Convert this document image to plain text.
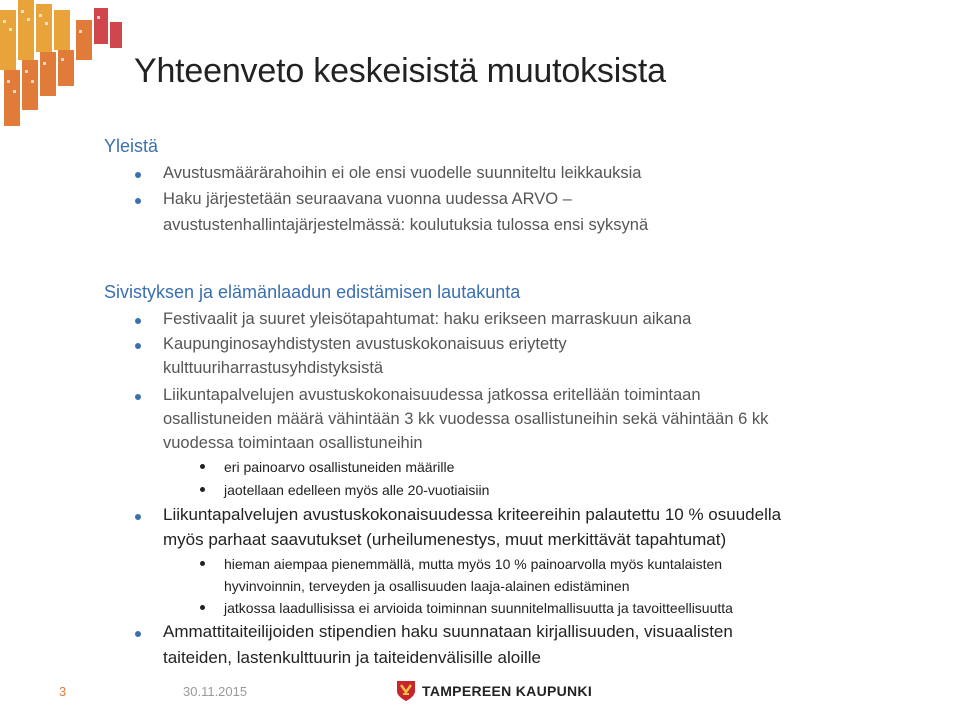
Yhteenveto keskeisistä muutoksista
Yleistä
Avustusmäärärahoihin ei ole ensi vuodelle suunniteltu leikkauksia
Haku järjestetään seuraavana vuonna uudessa ARVO –
avustustenhallintajärjestelmässä: koulutuksia tulossa ensi syksynä
Sivistyksen ja elämänlaadun edistämisen lautakunta
Festivaalit ja suuret yleisötapahtumat: haku erikseen marraskuun aikana
Kaupunginosayhdistysten avustuskokonaisuus eriytetty
kulttuuriharrastusyhdistyksistä
Liikuntapalvelujen avustuskokonaisuudessa jatkossa eritellään toimintaan
osallistuneiden määrä vähintään 3 kk vuodessa osallistuneihin sekä vähintään 6 kk
vuodessa toimintaan osallistuneihin
eri painoarvo osallistuneiden määrille
jaotellaan edelleen myös alle 20-vuotiaisiin
Liikuntapalvelujen avustuskokonaisuudessa kriteereihin palautettu 10 % osuudella
myös parhaat saavutukset (urheilumenestys, muut merkittävät tapahtumat)
hieman aiempaa pienemmällä, mutta myös 10 % painoarvolla myös kuntalaisten
hyvinvoinnin, terveyden ja osallisuuden laaja-alainen edistäminen
jatkossa laadullisissa ei arvioida toiminnan suunnitelmallisuutta ja tavoitteellisuutta
Ammattitaiteilijoiden stipendien haku suunnataan kirjallisuuden, visuaalisten
taiteiden, lastenkulttuurin ja taiteidenvälisille aloille
3	30.11.2015	TAMPEREEN KAUPUNKI
